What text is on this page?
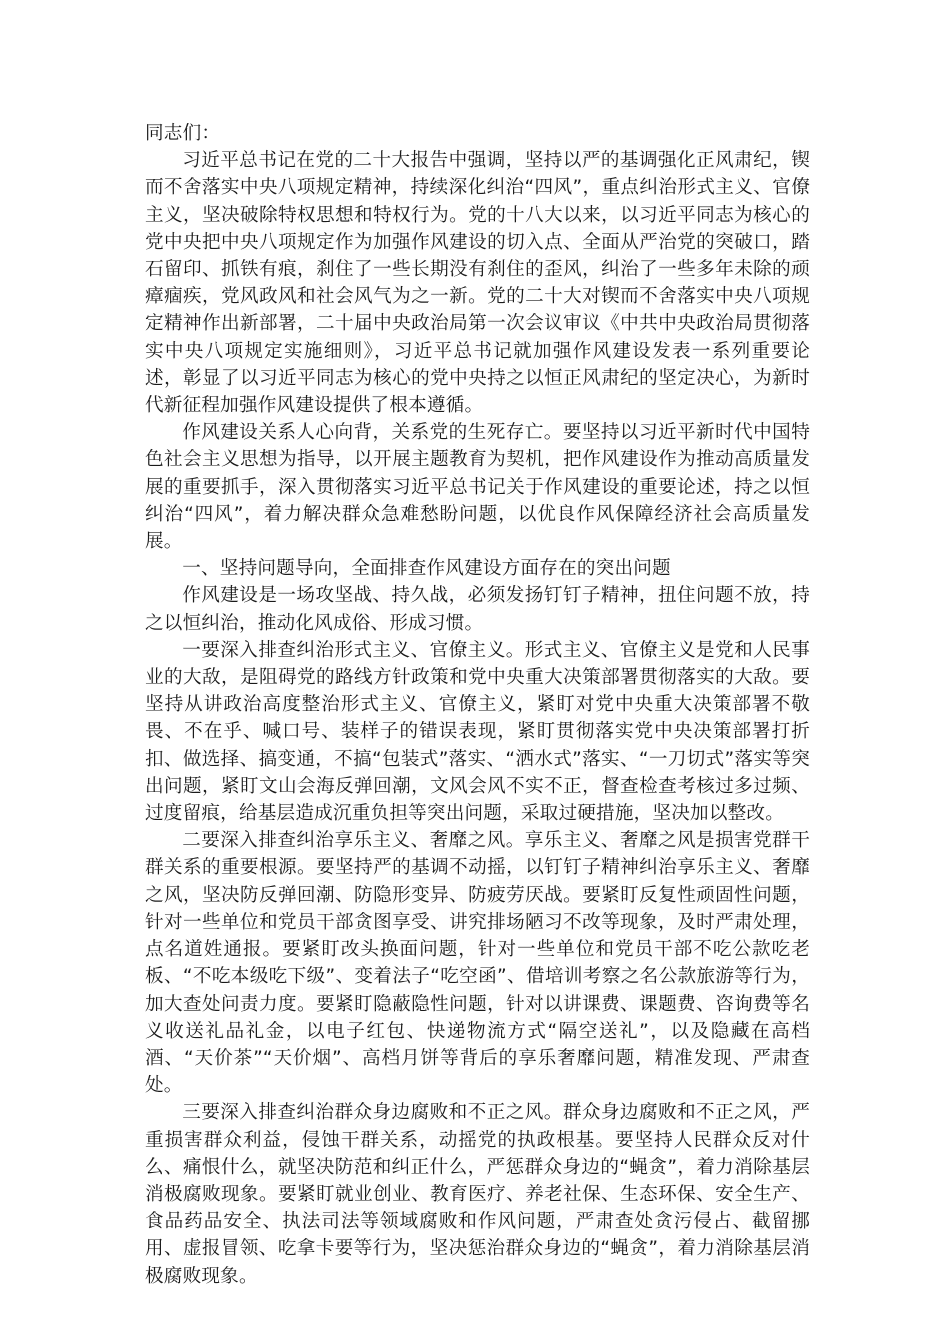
同志们：

习近平总书记在党的二十大报告中强调，坚持以严的基调强化正风肃纪，锲而不舍落实中央八项规定精神，持续深化纠治“四风”，重点纠治形式主义、官僚主义，坚决破除特权思想和特权行为。党的十八大以来，以习近平同志为核心的党中央把中央八项规定作为加强作风建设的切入点、全面从严治党的突破口，踏石留印、抓铁有痕，刹住了一些长期没有刹住的歪风，纠治了一些多年未除的顽瘴痼疾，党风政风和社会风气为之一新。党的二十大对锲而不舍落实中央八项规定精神作出新部署，二十届中央政治局第一次会议审议《中共中央政治局贯彻落实中央八项规定实施细则》，习近平总书记就加强作风建设发表一系列重要论述，彰显了以习近平同志为核心的党中央持之以恒正风肃纪的坚定决心，为新时代新征程加强作风建设提供了根本遵循。

作风建设关系人心向背，关系党的生死存亡。要坚持以习近平新时代中国特色社会主义思想为指导，以开展主题教育为契机，把作风建设作为推动高质量发展的重要抓手，深入贯彻落实习近平总书记关于作风建设的重要论述，持之以恒纠治“四风”，着力解决群众急难愁盼问题，以优良作风保障经济社会高质量发展。

一、坚持问题导向，全面排查作风建设方面存在的突出问题

作风建设是一场攻坚战、持久战，必须发扬钉钉子精神，扭住问题不放，持之以恒纠治，推动化风成俗、形成习惯。

一要深入排查纠治形式主义、官僚主义。形式主义、官僚主义是党和人民事业的大敌，是阻碍党的路线方针政策和党中央重大决策部署贯彻落实的大敌。要坚持从讲政治高度整治形式主义、官僚主义，紧盯对党中央重大决策部署不敬畏、不在乎、喊口号、装样子的错误表现，紧盯贯彻落实党中央决策部署打折扣、做选择、搞变通，不搞“包装式”落实、“洒水式”落实、“一刀切式”落实等突出问题，紧盯文山会海反弹回潮，文风会风不实不正，督查检查考核过多过频、过度留痕，给基层造成沉重负担等突出问题，采取过硬措施，坚决加以整改。

二要深入排查纠治享乐主义、奢靡之风。享乐主义、奢靡之风是损害党群干群关系的重要根源。要坚持严的基调不动摇，以钉钉子精神纠治享乐主义、奢靡之风，坚决防反弹回潮、防隐形变异、防疲劳厌战。要紧盯反复性顽固性问题，针对一些单位和党员干部贪图享受、讲究排场陋习不改等现象，及时严肃处理，点名道姓通报。要紧盯改头换面问题，针对一些单位和党员干部不吃公款吃老板、“不吃本级吃下级”、变着法子“吃空函”、借培训考察之名公款旅游等行为，加大查处问责力度。要紧盯隐蔽隐性问题，针对以讲课费、课题费、咨询费等名义收送礼品礼金，以电子红包、快递物流方式“隔空送礼”，以及隐藏在高档酒、“天价茶”“天价烟”、高档月饼等背后的享乐奢靡问题，精准发现、严肃查处。

三要深入排查纠治群众身边腐败和不正之风。群众身边腐败和不正之风，严重损害群众利益，侵蚀干群关系，动摇党的执政根基。要坚持人民群众反对什么、痛恨什么，就坚决防范和纠正什么，严惩群众身边的“蝇贪”，着力消除基层消极腐败现象。要紧盯就业创业、教育医疗、养老社保、生态环保、安全生产、食品药品安全、执法司法等领域腐败和作风问题，严肃查处贪污侵占、截留挪用、虚报冒领、吃拿卡要等行为，坚决惩治群众身边的“蝇贪”，着力消除基层消极腐败现象。
